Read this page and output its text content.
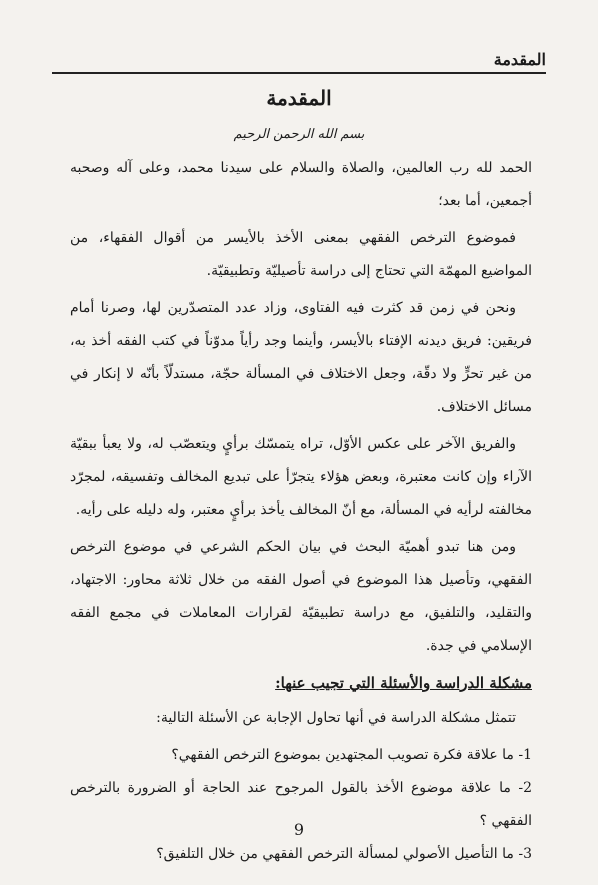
المقدمة
المقدمة
بسم الله الرحمن الرحيم

الحمد لله رب العالمين، والصلاة والسلام على سيدنا محمد، وعلى آله وصحبه أجمعين، أما بعد؛

فموضوع الترخص الفقهي بمعنى الأخذ بالأيسر من أقوال الفقهاء، من المواضيع المهمّة التي تحتاج إلى دراسة تأصيليّة وتطبيقيّة.

ونحن في زمن قد كثرت فيه الفتاوى، وزاد عدد المتصدّرين لها، وصرنا أمام فريقين: فريق ديدنه الإفتاء بالأيسر، وأينما وجد رأياً مدوّناً في كتب الفقه أخذ به، من غير تحرٍّ ولا دقّة، وجعل الاختلاف في المسألة حجّة، مستدلّاً بأنّه لا إنكار في مسائل الاختلاف.

والفريق الآخر على عكس الأوّل، تراه يتمسّك برأيٍ ويتعصّب له، ولا يعبأ ببقيّة الآراء وإن كانت معتبرة، وبعض هؤلاء يتجرّأ على تبديع المخالف وتفسيقه، لمجرّد مخالفته لرأيه في المسألة، مع أنّ المخالف يأخذ برأيٍ معتبر، وله دليله على رأيه.

ومن هنا تبدو أهميّة البحث في بيان الحكم الشرعي في موضوع الترخص الفقهي، وتأصيل هذا الموضوع في أصول الفقه من خلال ثلاثة محاور: الاجتهاد، والتقليد، والتلفيق، مع دراسة تطبيقيّة لقرارات المعاملات في مجمع الفقه الإسلامي في جدة.

مشكلة الدراسة والأسئلة التي تجيب عنها:

تتمثل مشكلة الدراسة في أنها تحاول الإجابة عن الأسئلة التالية:

1- ما علاقة فكرة تصويب المجتهدين بموضوع الترخص الفقهي؟
2- ما علاقة موضوع الأخذ بالقول المرجوح عند الحاجة أو الضرورة بالترخص الفقهي ؟
3- ما التأصيل الأصولي لمسألة الترخص الفقهي من خلال التلفيق؟
9
